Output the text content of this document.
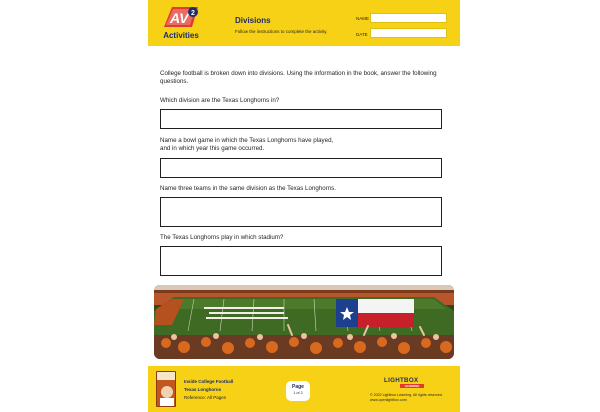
AV 2
Activities
Divisions
Follow the instructions to complete the activity.
NAME
DATE
College football is broken down into divisions. Using the information in the book, answer the following questions.
Which division are the Texas Longhorns in?
Name a bowl game in which the Texas Longhorns have played,
and in which year this game occurred.
Name three teams in the same division as the Texas Longhorns.
The Texas Longhorns play in which stadium?
Inside College Football
Texas Longhorns
Reference: All Pages
Page
1 of 2
LIGHTBOX
LEARNING
© 2022 Lightbox Learning. All rights reserved.
www.openlightbox.com
